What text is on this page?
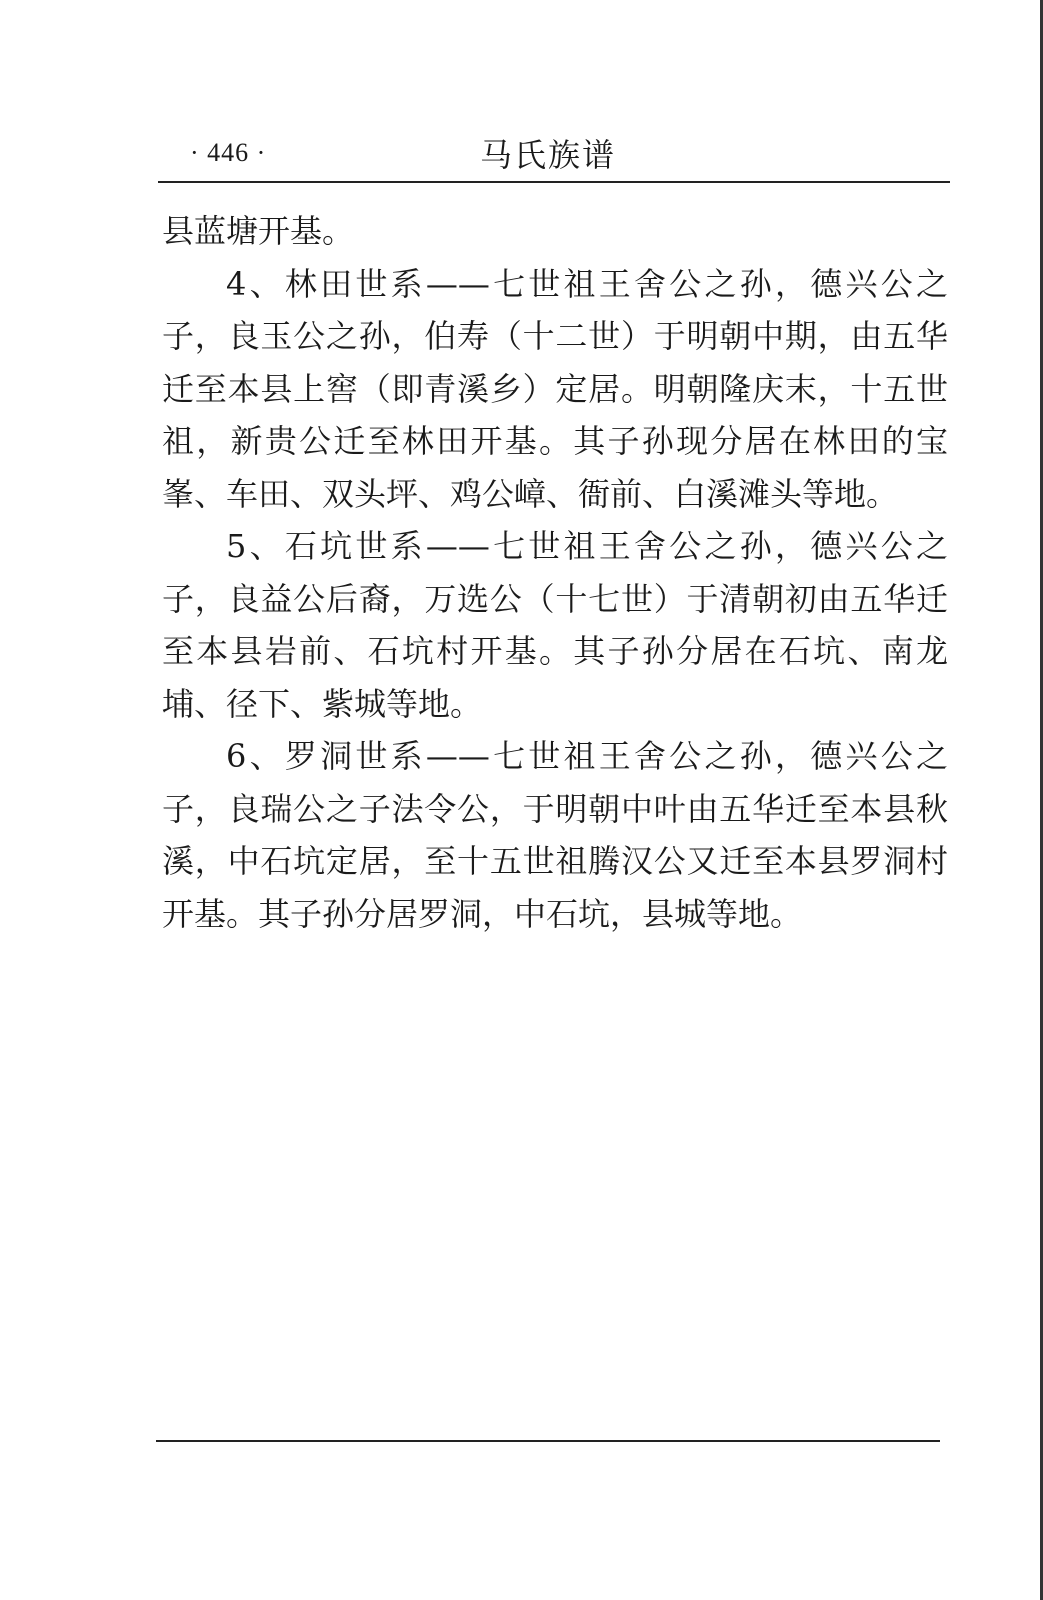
· 446 ·	马氏族谱

县蓝塘开基。

4、林田世系——七世祖王舍公之孙，德兴公之子，良玉公之孙，伯寿（十二世）于明朝中期，由五华迁至本县上窖（即青溪乡）定居。明朝隆庆末，十五世祖，新贵公迁至林田开基。其子孙现分居在林田的宝峯、车田、双头坪、鸡公嶂、衙前、白溪滩头等地。

5、石坑世系——七世祖王舍公之孙，德兴公之子，良益公后裔，万选公（十七世）于清朝初由五华迁至本县岩前、石坑村开基。其子孙分居在石坑、南龙埔、径下、紫城等地。

6、罗洞世系——七世祖王舍公之孙，德兴公之子，良瑞公之子法令公，于明朝中叶由五华迁至本县秋溪，中石坑定居，至十五世祖腾汉公又迁至本县罗洞村开基。其子孙分居罗洞，中石坑，县城等地。
